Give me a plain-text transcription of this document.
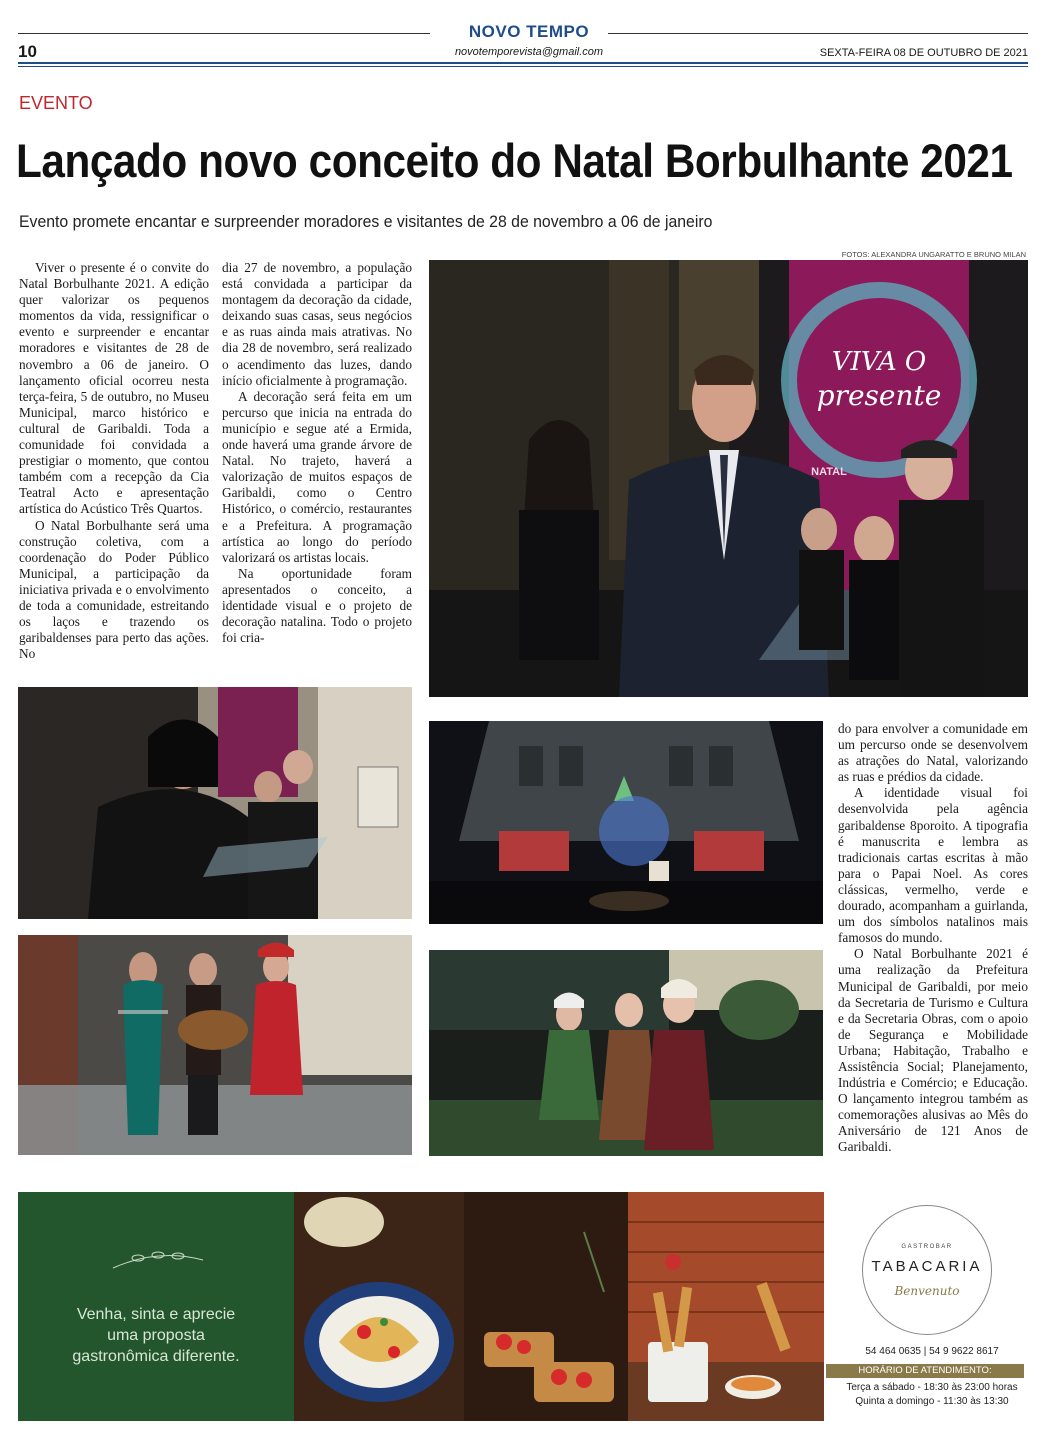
NOVO TEMPO
10	novotemporevista@gmail.com	SEXTA-FEIRA 08 DE OUTUBRO DE 2021
EVENTO
Lançado novo conceito do Natal Borbulhante 2021
Evento promete encantar e surpreender moradores e visitantes de 28 de novembro a 06 de janeiro
FOTOS: ALEXANDRA UNGARATTO E BRUNO MILAN

Viver o presente é o convite do Natal Borbulhante 2021. A edição quer valorizar os pequenos momentos da vida, ressignificar o evento e surpreender e encantar moradores e visitantes de 28 de novembro a 06 de janeiro. O lançamento oficial ocorreu nesta terça-feira, 5 de outubro, no Museu Municipal, marco histórico e cultural de Garibaldi. Toda a comunidade foi convidada a prestigiar o momento, que contou também com a recepção da Cia Teatral Acto e apresentação artística do Acústico Três Quartos.

O Natal Borbulhante será uma construção coletiva, com a coordenação do Poder Público Municipal, a participação da iniciativa privada e o envolvimento de toda a comunidade, estreitando os laços e trazendo os garibaldenses para perto das ações. No

dia 27 de novembro, a população está convidada a participar da montagem da decoração da cidade, deixando suas casas, seus negócios e as ruas ainda mais atrativas. No dia 28 de novembro, será realizado o acendimento das luzes, dando início oficialmente à programação.

A decoração será feita em um percurso que inicia na entrada do município e segue até a Ermida, onde haverá uma grande árvore de Natal. No trajeto, haverá a valorização de muitos espaços de Garibaldi, como o Centro Histórico, o comércio, restaurantes e a Prefeitura. A programação artística ao longo do período valorizará os artistas locais.

Na oportunidade foram apresentados o conceito, a identidade visual e o projeto de decoração natalina. Todo o projeto foi cria-

do para envolver a comunidade em um percurso onde se desenvolvem as atrações do Natal, valorizando as ruas e prédios da cidade.

A identidade visual foi desenvolvida pela agência garibaldense 8poroito. A tipografia é manuscrita e lembra as tradicionais cartas escritas à mão para o Papai Noel. As cores clássicas, vermelho, verde e dourado, acompanham a guirlanda, um dos símbolos natalinos mais famosos do mundo.

O Natal Borbulhante 2021 é uma realização da Prefeitura Municipal de Garibaldi, por meio da Secretaria de Turismo e Cultura e da Secretaria Obras, com o apoio de Segurança e Mobilidade Urbana; Habitação, Trabalho e Assistência Social; Planejamento, Indústria e Comércio; e Educação. O lançamento integrou também as comemorações alusivas ao Mês do Aniversário de 121 Anos de Garibaldi.

VIVA O
presente
NATAL
Venha, sinta e aprecie
uma proposta
gastronômica diferente.
GASTROBAR
TABACARIA
Benvenuto
54 464 0635 | 54 9 9622 8617
HORÁRIO DE ATENDIMENTO:
Terça a sábado - 18:30 às 23:00 horas
Quinta a domingo - 11:30 às 13:30
